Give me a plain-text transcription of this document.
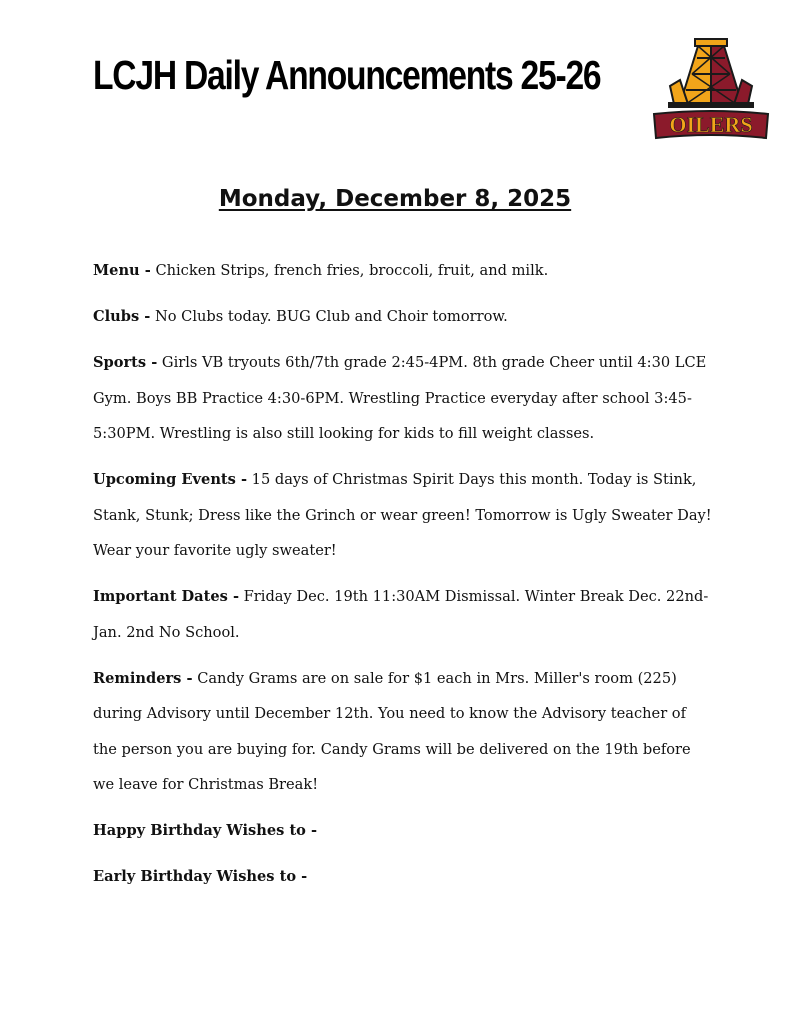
LCJH Daily Announcements 25-26
OILERS
Monday, December 8, 2025

Menu - Chicken Strips, french fries, broccoli, fruit, and milk.

Clubs - No Clubs today. BUG Club and Choir tomorrow.

Sports - Girls VB tryouts 6th/7th grade 2:45-4PM. 8th grade Cheer until 4:30 LCE Gym. Boys BB Practice 4:30-6PM. Wrestling Practice everyday after school 3:45-5:30PM. Wrestling is also still looking for kids to fill weight classes.

Upcoming Events - 15 days of Christmas Spirit Days this month. Today is Stink, Stank, Stunk; Dress like the Grinch or wear green! Tomorrow is Ugly Sweater Day! Wear your favorite ugly sweater!

Important Dates - Friday Dec. 19th 11:30AM Dismissal. Winter Break Dec. 22nd-Jan. 2nd No School.

Reminders - Candy Grams are on sale for $1 each in Mrs. Miller's room (225) during Advisory until December 12th. You need to know the Advisory teacher of the person you are buying for. Candy Grams will be delivered on the 19th before we leave for Christmas Break!

Happy Birthday Wishes to -

Early Birthday Wishes to -
